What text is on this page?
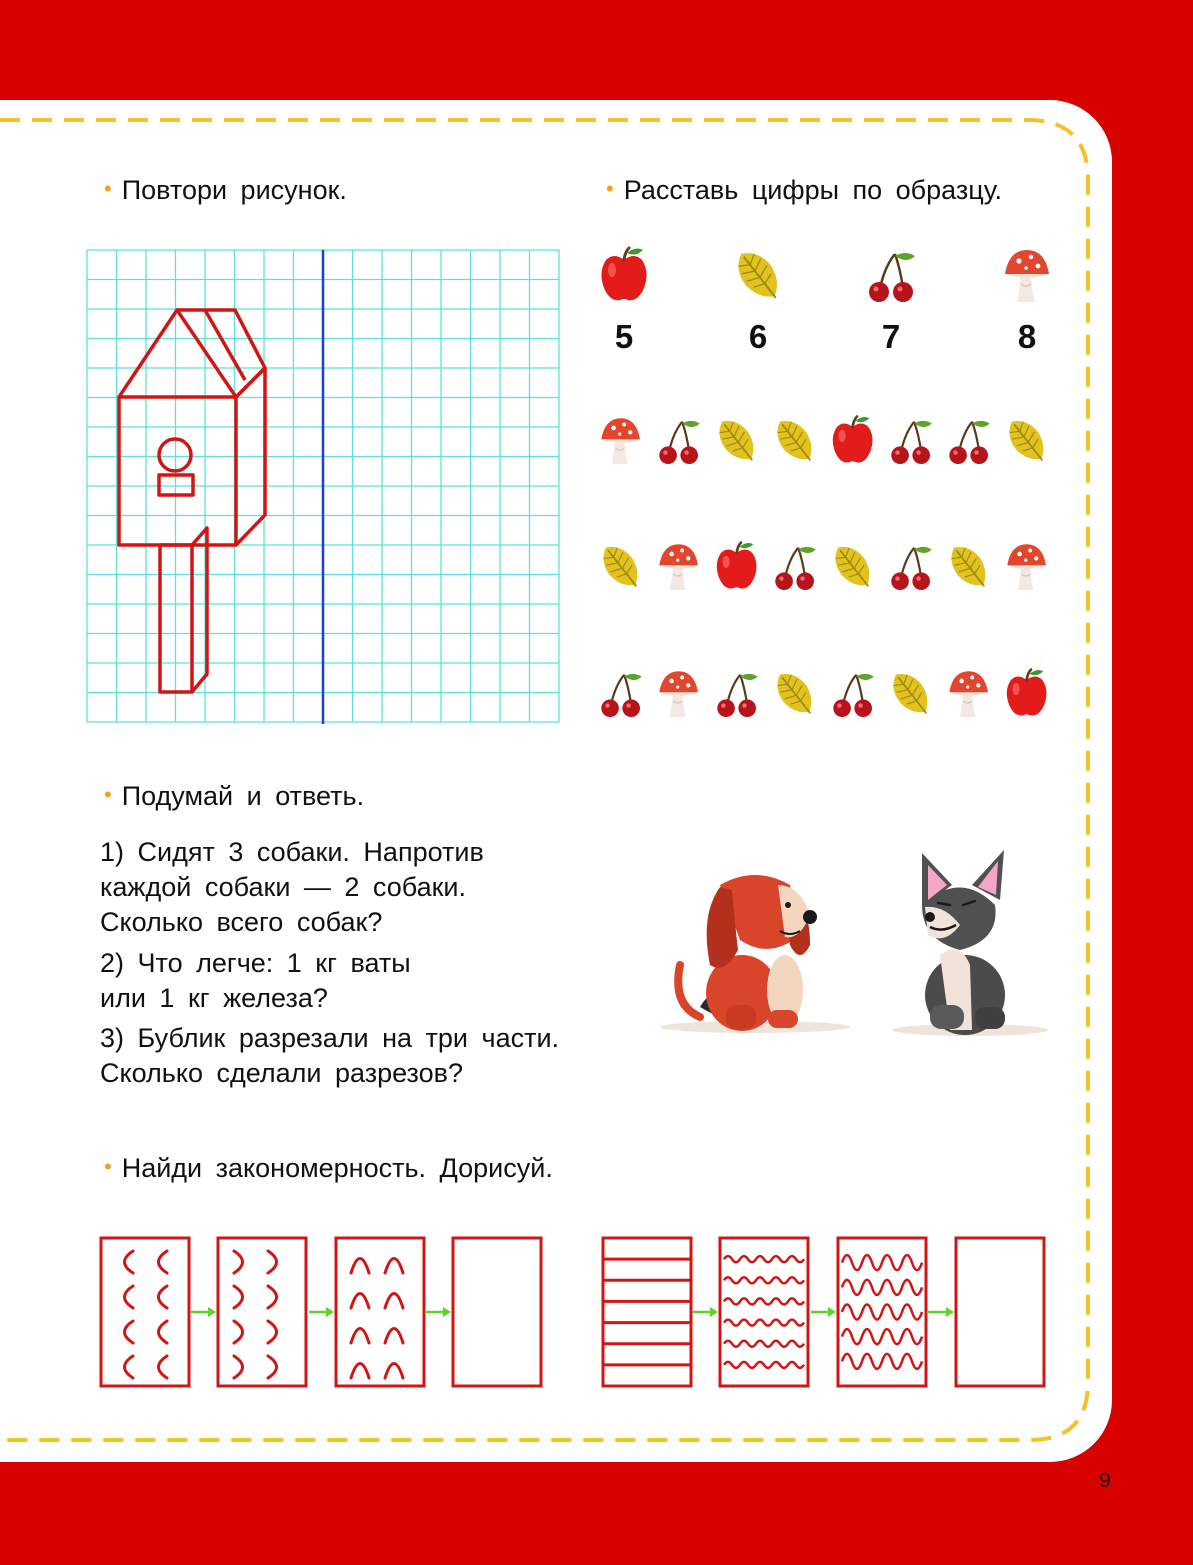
• Повтори рисунок.	• Расставь цифры по образцу.
• Подумай и ответь.
• Найди закономерность. Дорисуй.
5	6	7	8
1) Сидят 3 собаки. Напротив
каждой собаки — 2 собаки.
Сколько всего собак?
2) Что легче: 1 кг ваты
или 1 кг железа?
3) Бублик разрезали на три части.
Сколько сделали разрезов?
9
